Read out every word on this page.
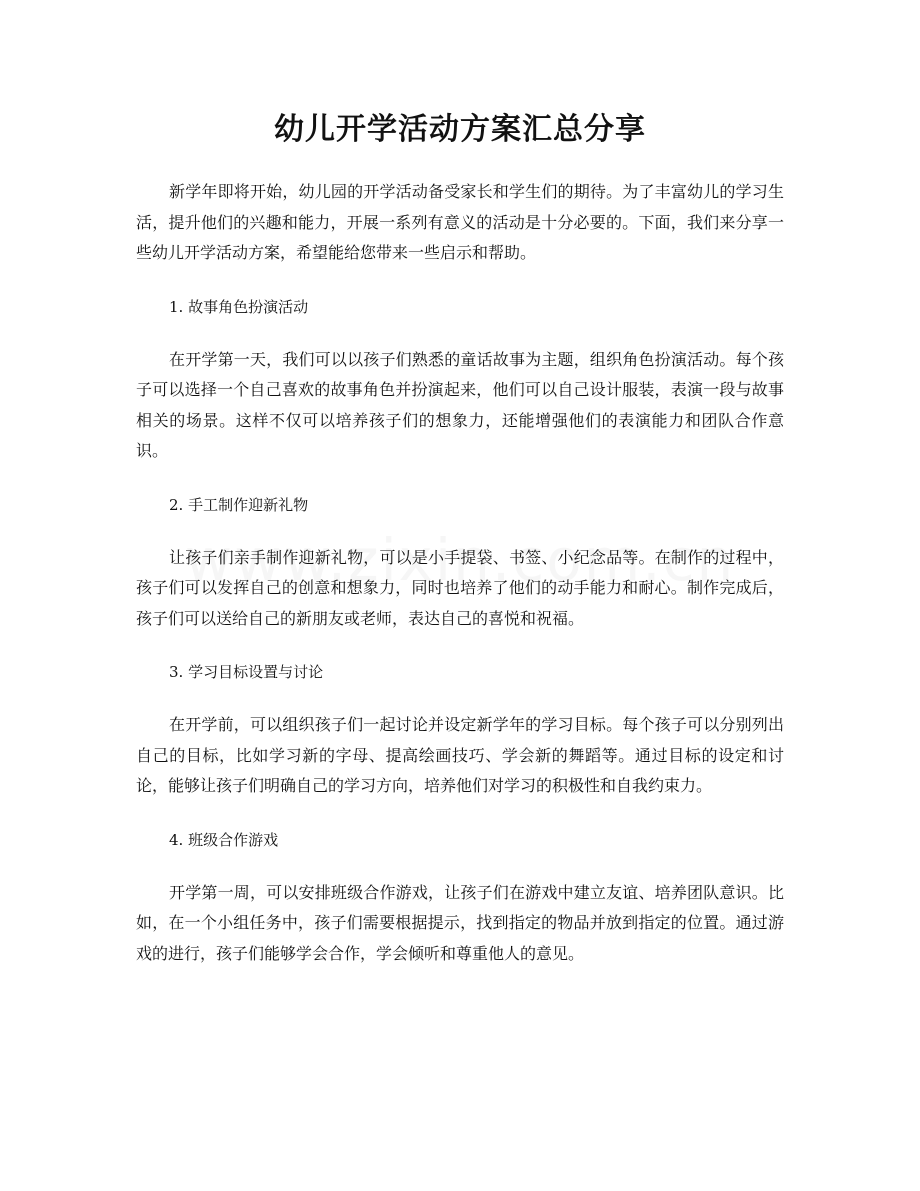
幼儿开学活动方案汇总分享

新学年即将开始，幼儿园的开学活动备受家长和学生们的期待。为了丰富幼儿的学习生活，提升他们的兴趣和能力，开展一系列有意义的活动是十分必要的。下面，我们来分享一些幼儿开学活动方案，希望能给您带来一些启示和帮助。

1. 故事角色扮演活动

在开学第一天，我们可以以孩子们熟悉的童话故事为主题，组织角色扮演活动。每个孩子可以选择一个自己喜欢的故事角色并扮演起来，他们可以自己设计服装，表演一段与故事相关的场景。这样不仅可以培养孩子们的想象力，还能增强他们的表演能力和团队合作意识。

2. 手工制作迎新礼物

让孩子们亲手制作迎新礼物，可以是小手提袋、书签、小纪念品等。在制作的过程中，孩子们可以发挥自己的创意和想象力，同时也培养了他们的动手能力和耐心。制作完成后，孩子们可以送给自己的新朋友或老师，表达自己的喜悦和祝福。

3. 学习目标设置与讨论

在开学前，可以组织孩子们一起讨论并设定新学年的学习目标。每个孩子可以分别列出自己的目标，比如学习新的字母、提高绘画技巧、学会新的舞蹈等。通过目标的设定和讨论，能够让孩子们明确自己的学习方向，培养他们对学习的积极性和自我约束力。

4. 班级合作游戏

开学第一周，可以安排班级合作游戏，让孩子们在游戏中建立友谊、培养团队意识。比如，在一个小组任务中，孩子们需要根据提示，找到指定的物品并放到指定的位置。通过游戏的进行，孩子们能够学会合作，学会倾听和尊重他人的意见。
